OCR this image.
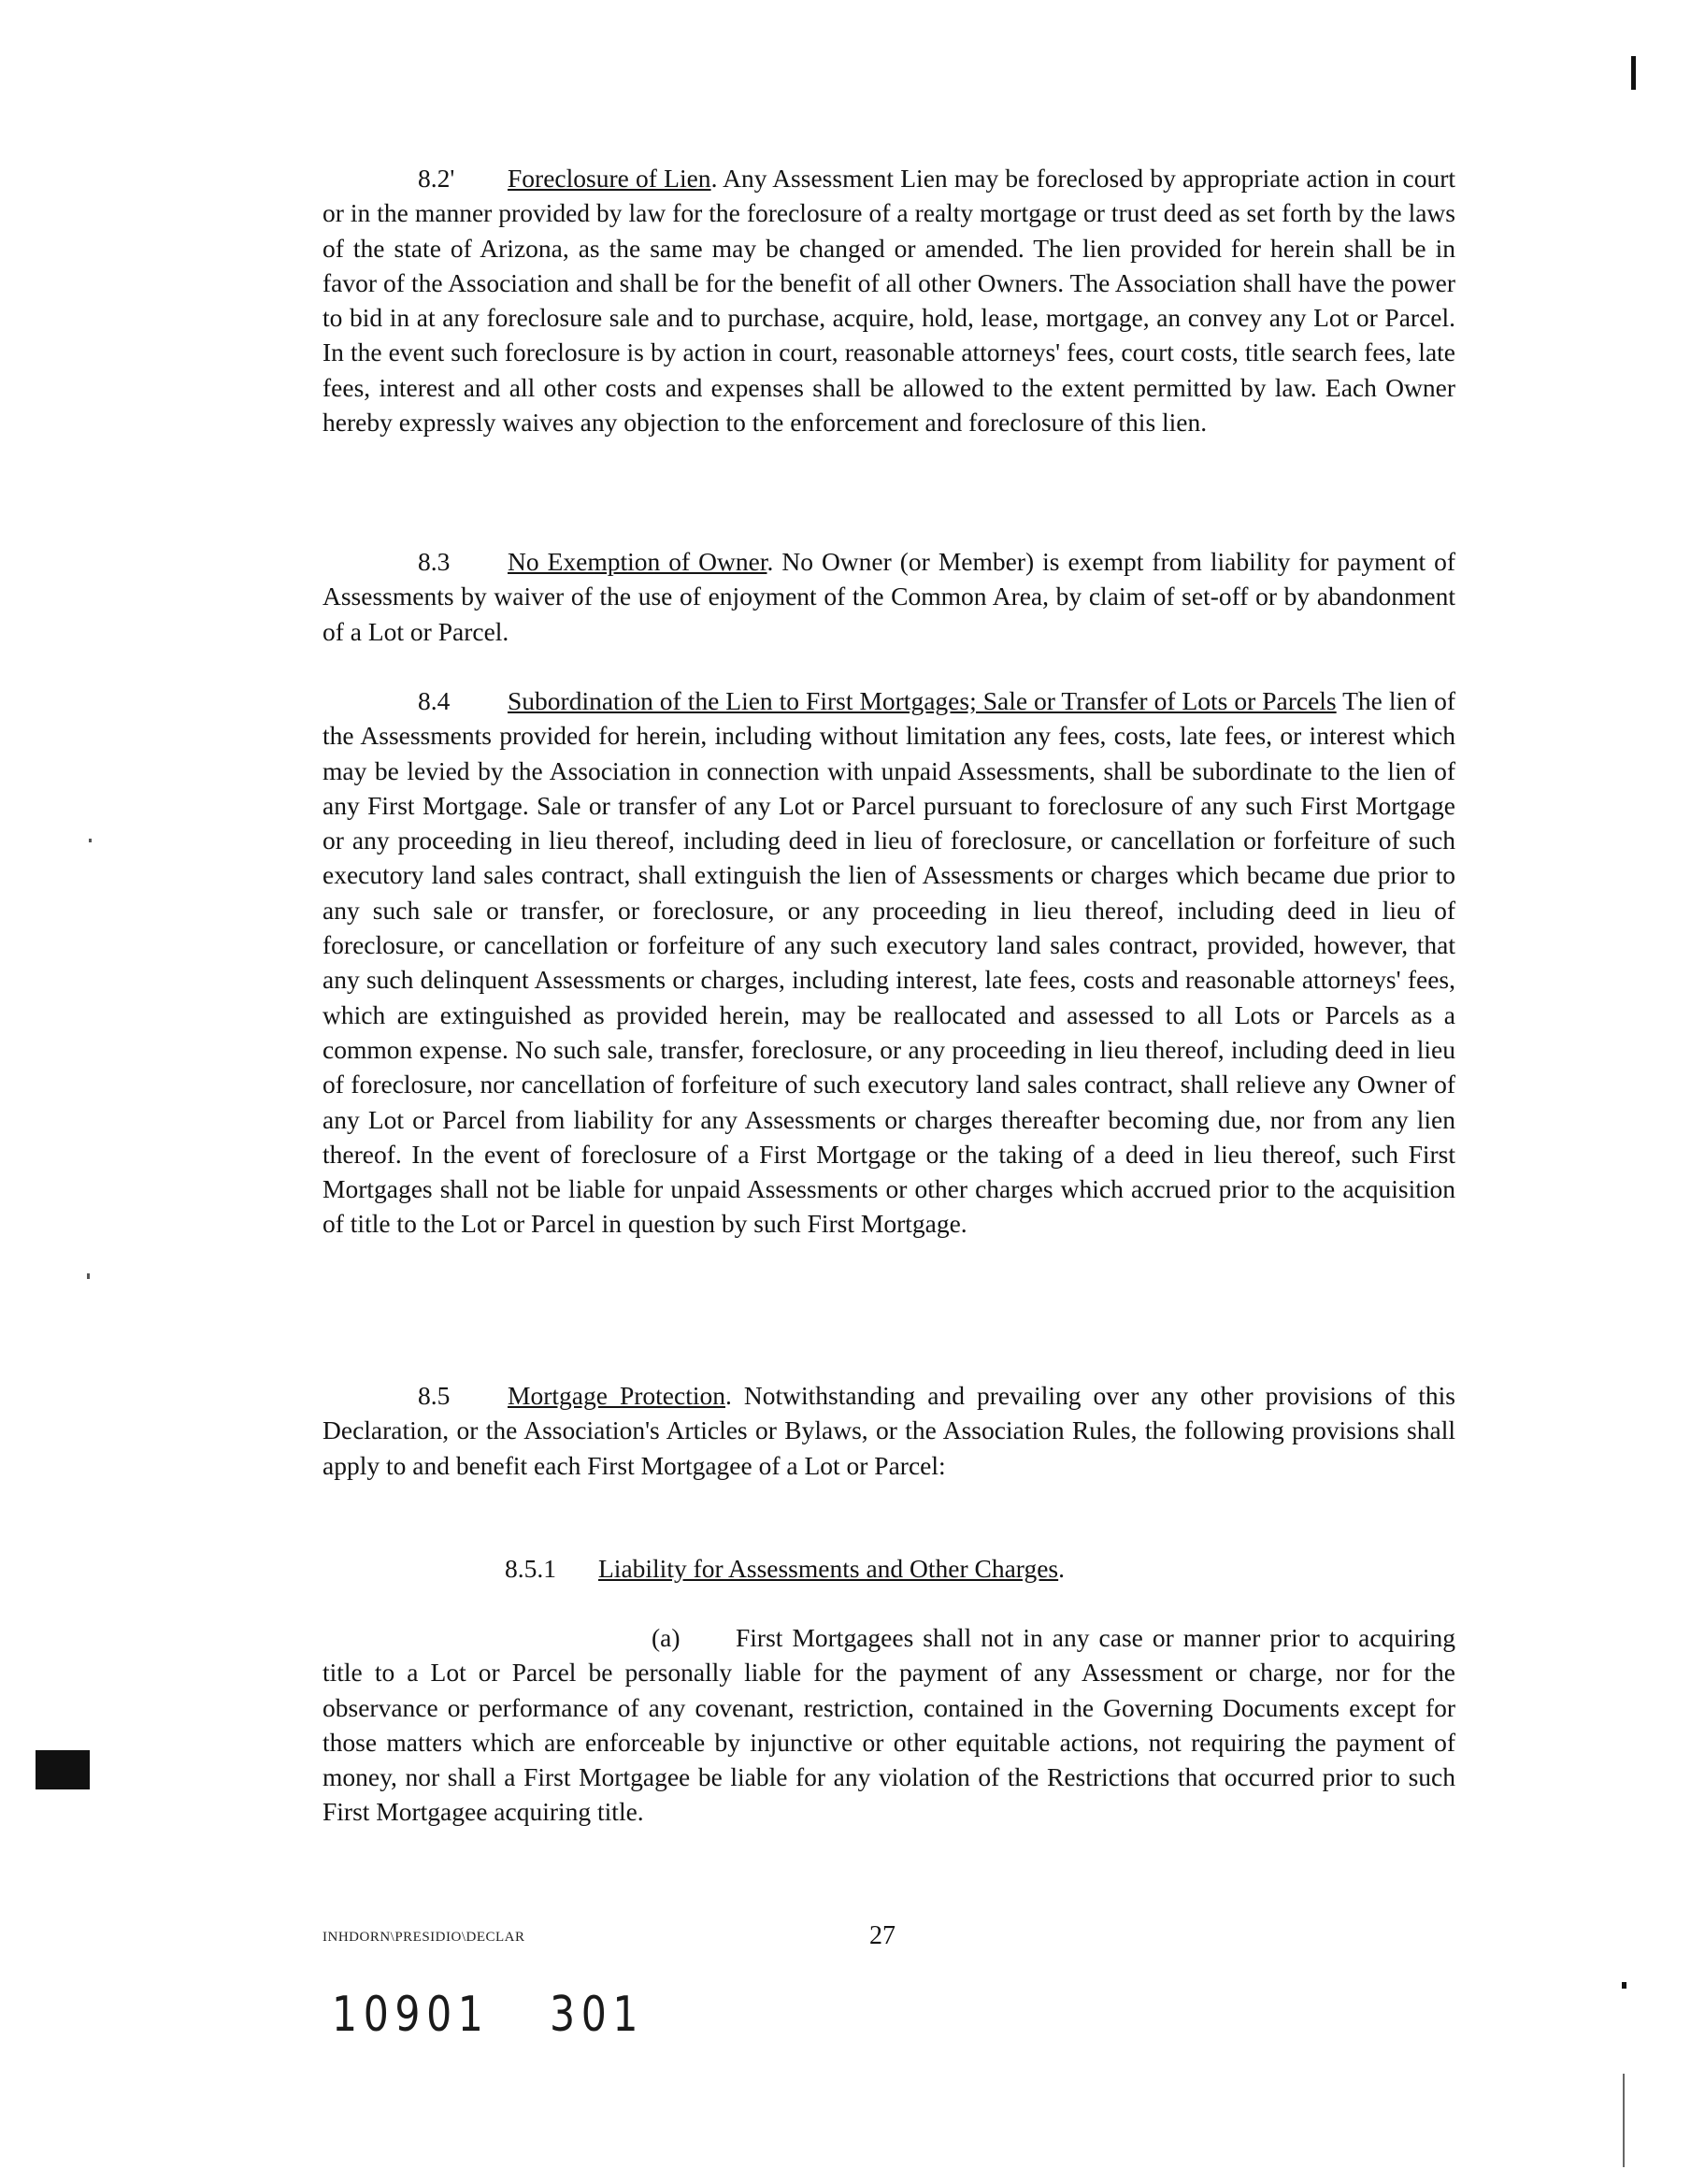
8.2' Foreclosure of Lien. Any Assessment Lien may be foreclosed by appropriate action in court or in the manner provided by law for the foreclosure of a realty mortgage or trust deed as set forth by the laws of the state of Arizona, as the same may be changed or amended. The lien provided for herein shall be in favor of the Association and shall be for the benefit of all other Owners. The Association shall have the power to bid in at any foreclosure sale and to purchase, acquire, hold, lease, mortgage, an convey any Lot or Parcel. In the event such foreclosure is by action in court, reasonable attorneys' fees, court costs, title search fees, late fees, interest and all other costs and expenses shall be allowed to the extent permitted by law. Each Owner hereby expressly waives any objection to the enforcement and foreclosure of this lien.

8.3 No Exemption of Owner. No Owner (or Member) is exempt from liability for payment of Assessments by waiver of the use of enjoyment of the Common Area, by claim of set-off or by abandonment of a Lot or Parcel.

8.4 Subordination of the Lien to First Mortgages; Sale or Transfer of Lots or Parcels The lien of the Assessments provided for herein, including without limitation any fees, costs, late fees, or interest which may be levied by the Association in connection with unpaid Assessments, shall be subordinate to the lien of any First Mortgage. Sale or transfer of any Lot or Parcel pursuant to foreclosure of any such First Mortgage or any proceeding in lieu thereof, including deed in lieu of foreclosure, or cancellation or forfeiture of such executory land sales contract, shall extinguish the lien of Assessments or charges which became due prior to any such sale or transfer, or foreclosure, or any proceeding in lieu thereof, including deed in lieu of foreclosure, or cancellation or forfeiture of any such executory land sales contract, provided, however, that any such delinquent Assessments or charges, including interest, late fees, costs and reasonable attorneys' fees, which are extinguished as provided herein, may be reallocated and assessed to all Lots or Parcels as a common expense. No such sale, transfer, foreclosure, or any proceeding in lieu thereof, including deed in lieu of foreclosure, nor cancellation of forfeiture of such executory land sales contract, shall relieve any Owner of any Lot or Parcel from liability for any Assessments or charges thereafter becoming due, nor from any lien thereof. In the event of foreclosure of a First Mortgage or the taking of a deed in lieu thereof, such First Mortgages shall not be liable for unpaid Assessments or other charges which accrued prior to the acquisition of title to the Lot or Parcel in question by such First Mortgage.

8.5 Mortgage Protection. Notwithstanding and prevailing over any other provisions of this Declaration, or the Association's Articles or Bylaws, or the Association Rules, the following provisions shall apply to and benefit each First Mortgagee of a Lot or Parcel:

8.5.1 Liability for Assessments and Other Charges.

(a) First Mortgagees shall not in any case or manner prior to acquiring title to a Lot or Parcel be personally liable for the payment of any Assessment or charge, nor for the observance or performance of any covenant, restriction, contained in the Governing Documents except for those matters which are enforceable by injunctive or other equitable actions, not requiring the payment of money, nor shall a First Mortgagee be liable for any violation of the Restrictions that occurred prior to such First Mortgagee acquiring title.

INHDORN\PRESIDIO\DECLAR	27
10901 301
